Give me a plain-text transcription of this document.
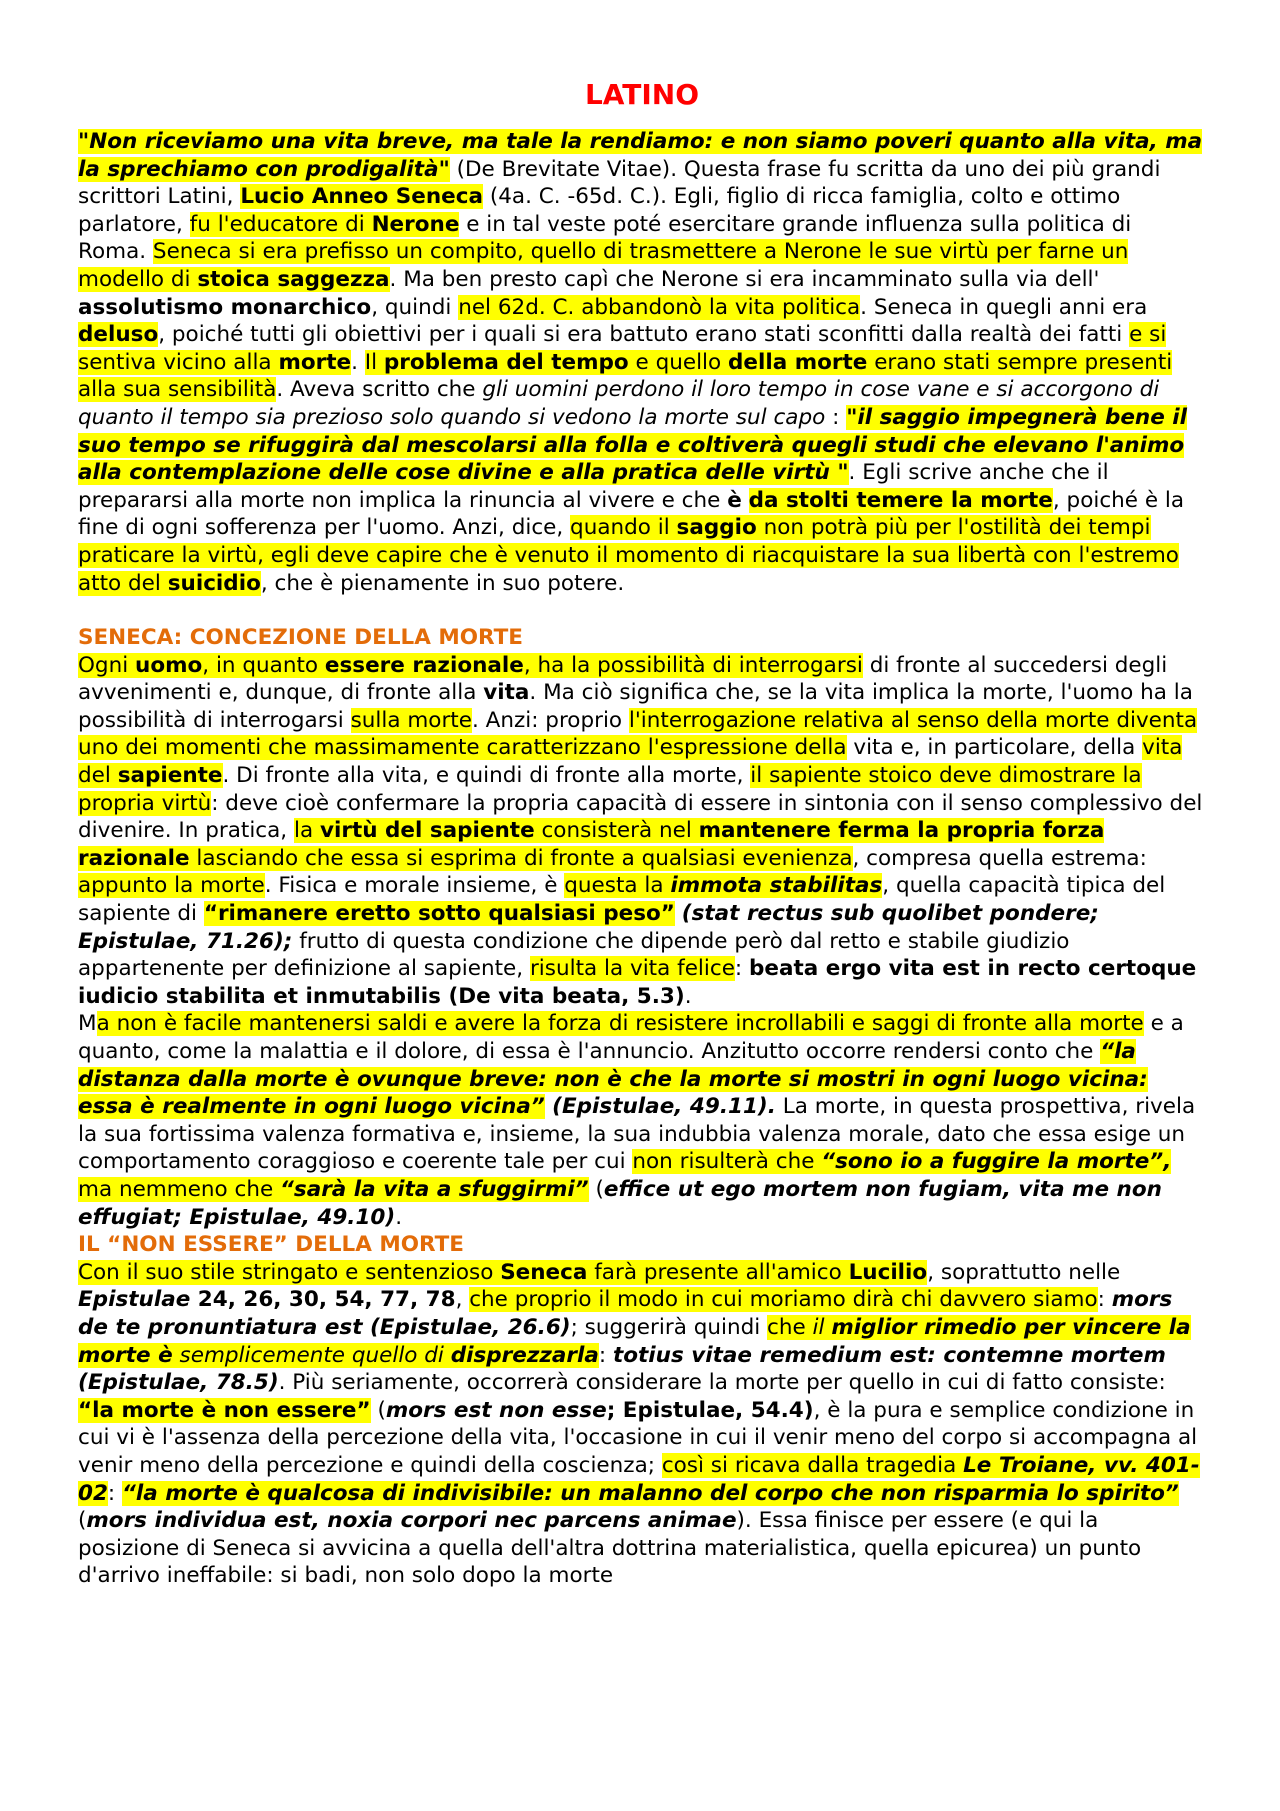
LATINO

"Non riceviamo una vita breve, ma tale la rendiamo: e non siamo poveri quanto alla vita, ma la sprechiamo con prodigalità" (De Brevitate Vitae). Questa frase fu scritta da uno dei più grandi scrittori Latini, Lucio Anneo Seneca (4a. C. -65d. C.). Egli, figlio di ricca famiglia, colto e ottimo parlatore, fu l'educatore di Nerone e in tal veste poté esercitare grande influenza sulla politica di Roma. Seneca si era prefisso un compito, quello di trasmettere a Nerone le sue virtù per farne un modello di stoica saggezza. Ma ben presto capì che Nerone si era incamminato sulla via dell' assolutismo monarchico, quindi nel 62d. C. abbandonò la vita politica. Seneca in quegli anni era deluso, poiché tutti gli obiettivi per i quali si era battuto erano stati sconfitti dalla realtà dei fatti e si sentiva vicino alla morte. Il problema del tempo e quello della morte erano stati sempre presenti alla sua sensibilità. Aveva scritto che gli uomini perdono il loro tempo in cose vane e si accorgono di quanto il tempo sia prezioso solo quando si vedono la morte sul capo : "il saggio impegnerà bene il suo tempo se rifuggirà dal mescolarsi alla folla e coltiverà quegli studi che elevano l'animo alla contemplazione delle cose divine e alla pratica delle virtù ". Egli scrive anche che il prepararsi alla morte non implica la rinuncia al vivere e che è da stolti temere la morte, poiché è la fine di ogni sofferenza per l'uomo. Anzi, dice, quando il saggio non potrà più per l'ostilità dei tempi praticare la virtù, egli deve capire che è venuto il momento di riacquistare la sua libertà con l'estremo atto del suicidio, che è pienamente in suo potere.

SENECA: CONCEZIONE DELLA MORTE

Ogni uomo, in quanto essere razionale, ha la possibilità di interrogarsi di fronte al succedersi degli avvenimenti e, dunque, di fronte alla vita. Ma ciò significa che, se la vita implica la morte, l'uomo ha la possibilità di interrogarsi sulla morte. Anzi: proprio l'interrogazione relativa al senso della morte diventa uno dei momenti che massimamente caratterizzano l'espressione della vita e, in particolare, della vita del sapiente. Di fronte alla vita, e quindi di fronte alla morte, il sapiente stoico deve dimostrare la propria virtù: deve cioè confermare la propria capacità di essere in sintonia con il senso complessivo del divenire. In pratica, la virtù del sapiente consisterà nel mantenere ferma la propria forza razionale lasciando che essa si esprima di fronte a qualsiasi evenienza, compresa quella estrema: appunto la morte. Fisica e morale insieme, è questa la immota stabilitas, quella capacità tipica del sapiente di “rimanere eretto sotto qualsiasi peso” (stat rectus sub quolibet pondere; Epistulae, 71.26); frutto di questa condizione che dipende però dal retto e stabile giudizio appartenente per definizione al sapiente, risulta la vita felice: beata ergo vita est in recto certoque iudicio stabilita et inmutabilis (De vita beata, 5.3).

Ma non è facile mantenersi saldi e avere la forza di resistere incrollabili e saggi di fronte alla morte e a quanto, come la malattia e il dolore, di essa è l'annuncio. Anzitutto occorre rendersi conto che “la distanza dalla morte è ovunque breve: non è che la morte si mostri in ogni luogo vicina: essa è realmente in ogni luogo vicina” (Epistulae, 49.11). La morte, in questa prospettiva, rivela la sua fortissima valenza formativa e, insieme, la sua indubbia valenza morale, dato che essa esige un comportamento coraggioso e coerente tale per cui non risulterà che “sono io a fuggire la morte”, ma nemmeno che “sarà la vita a sfuggirmi” (effice ut ego mortem non fugiam, vita me non effugiat; Epistulae, 49.10).

IL “NON ESSERE” DELLA MORTE

Con il suo stile stringato e sentenzioso Seneca farà presente all'amico Lucilio, soprattutto nelle Epistulae 24, 26, 30, 54, 77, 78, che proprio il modo in cui moriamo dirà chi davvero siamo: mors de te pronuntiatura est (Epistulae, 26.6); suggerirà quindi che il miglior rimedio per vincere la morte è semplicemente quello di disprezzarla: totius vitae remedium est: contemne mortem (Epistulae, 78.5). Più seriamente, occorrerà considerare la morte per quello in cui di fatto consiste: “la morte è non essere” (mors est non esse; Epistulae, 54.4), è la pura e semplice condizione in cui vi è l'assenza della percezione della vita, l'occasione in cui il venir meno del corpo si accompagna al venir meno della percezione e quindi della coscienza; così si ricava dalla tragedia Le Troiane, vv. 401-02: “la morte è qualcosa di indivisibile: un malanno del corpo che non risparmia lo spirito” (mors individua est, noxia corpori nec parcens animae). Essa finisce per essere (e qui la posizione di Seneca si avvicina a quella dell'altra dottrina materialistica, quella epicurea) un punto d'arrivo ineffabile: si badi, non solo dopo la morte
